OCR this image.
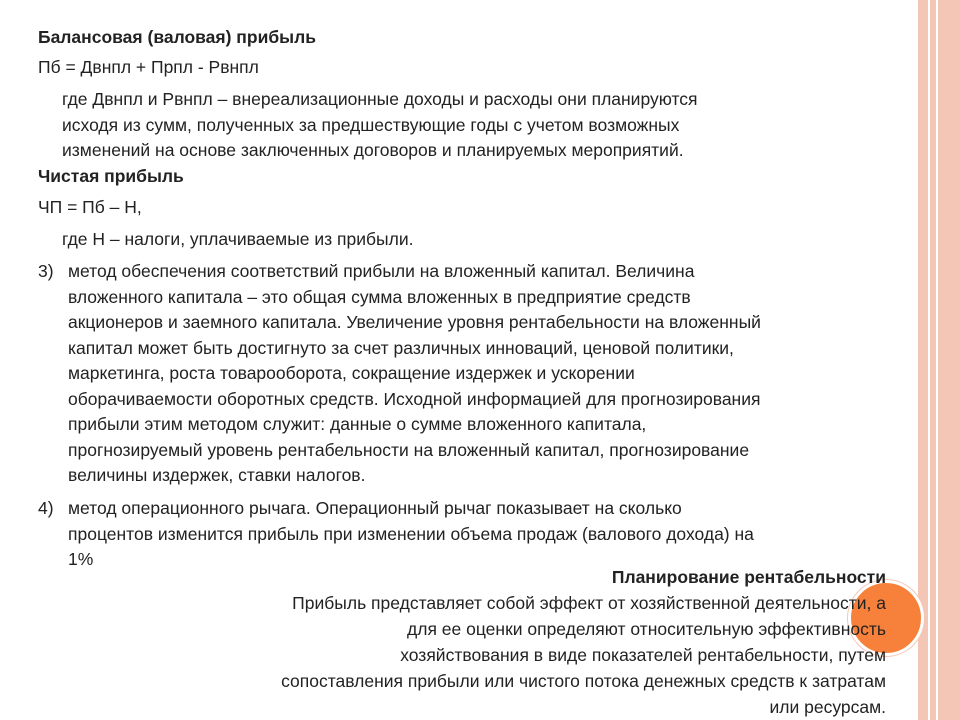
Балансовая (валовая) прибыль
Пб = Двнпл + Прпл - Рвнпл
где Двнпл и Рвнпл – внереализационные доходы и расходы они планируются
исходя из сумм, полученных за предшествующие годы с учетом возможных
изменений на основе заключенных договоров и планируемых мероприятий.
Чистая прибыль
ЧП = Пб – Н,
где Н – налоги, уплачиваемые из прибыли.
3) метод обеспечения соответствий прибыли на вложенный капитал. Величина
вложенного капитала – это общая сумма вложенных в предприятие средств
акционеров и заемного капитала. Увеличение уровня рентабельности на вложенный
капитал может быть достигнуто за счет различных инноваций, ценовой политики,
маркетинга, роста товарооборота, сокращение издержек и ускорении
оборачиваемости оборотных средств. Исходной информацией для прогнозирования
прибыли этим методом служит: данные о сумме вложенного капитала,
прогнозируемый уровень рентабельности на вложенный капитал, прогнозирование
величины издержек, ставки налогов.
4) метод операционного рычага. Операционный рычаг показывает на сколько
процентов изменится прибыль при изменении объема продаж (валового дохода) на
1%
Планирование рентабельности
Прибыль представляет собой эффект от хозяйственной деятельности, а
для ее оценки определяют относительную эффективность
хозяйствования в виде показателей рентабельности, путем
сопоставления прибыли или чистого потока денежных средств к затратам
или ресурсам.
